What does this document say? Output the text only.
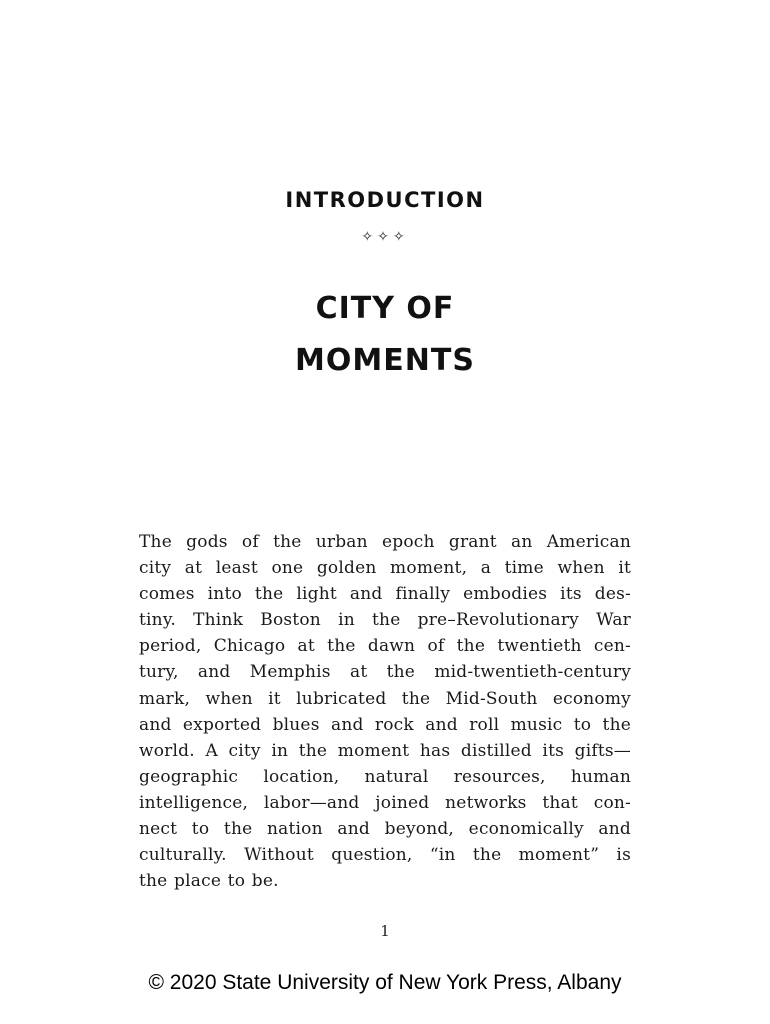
INTRODUCTION
✧✧✧
CITY OF
MOMENTS
The gods of the urban epoch grant an American
city at least one golden moment, a time when it
comes into the light and finally embodies its des-
tiny. Think Boston in the pre–Revolutionary War
period, Chicago at the dawn of the twentieth cen-
tury, and Memphis at the mid-twentieth-century
mark, when it lubricated the Mid-South economy
and exported blues and rock and roll music to the
world. A city in the moment has distilled its gifts—
geographic location, natural resources, human
intelligence, labor—and joined networks that con-
nect to the nation and beyond, economically and
culturally. Without question, “in the moment” is
the place to be.
1
© 2020 State University of New York Press, Albany
